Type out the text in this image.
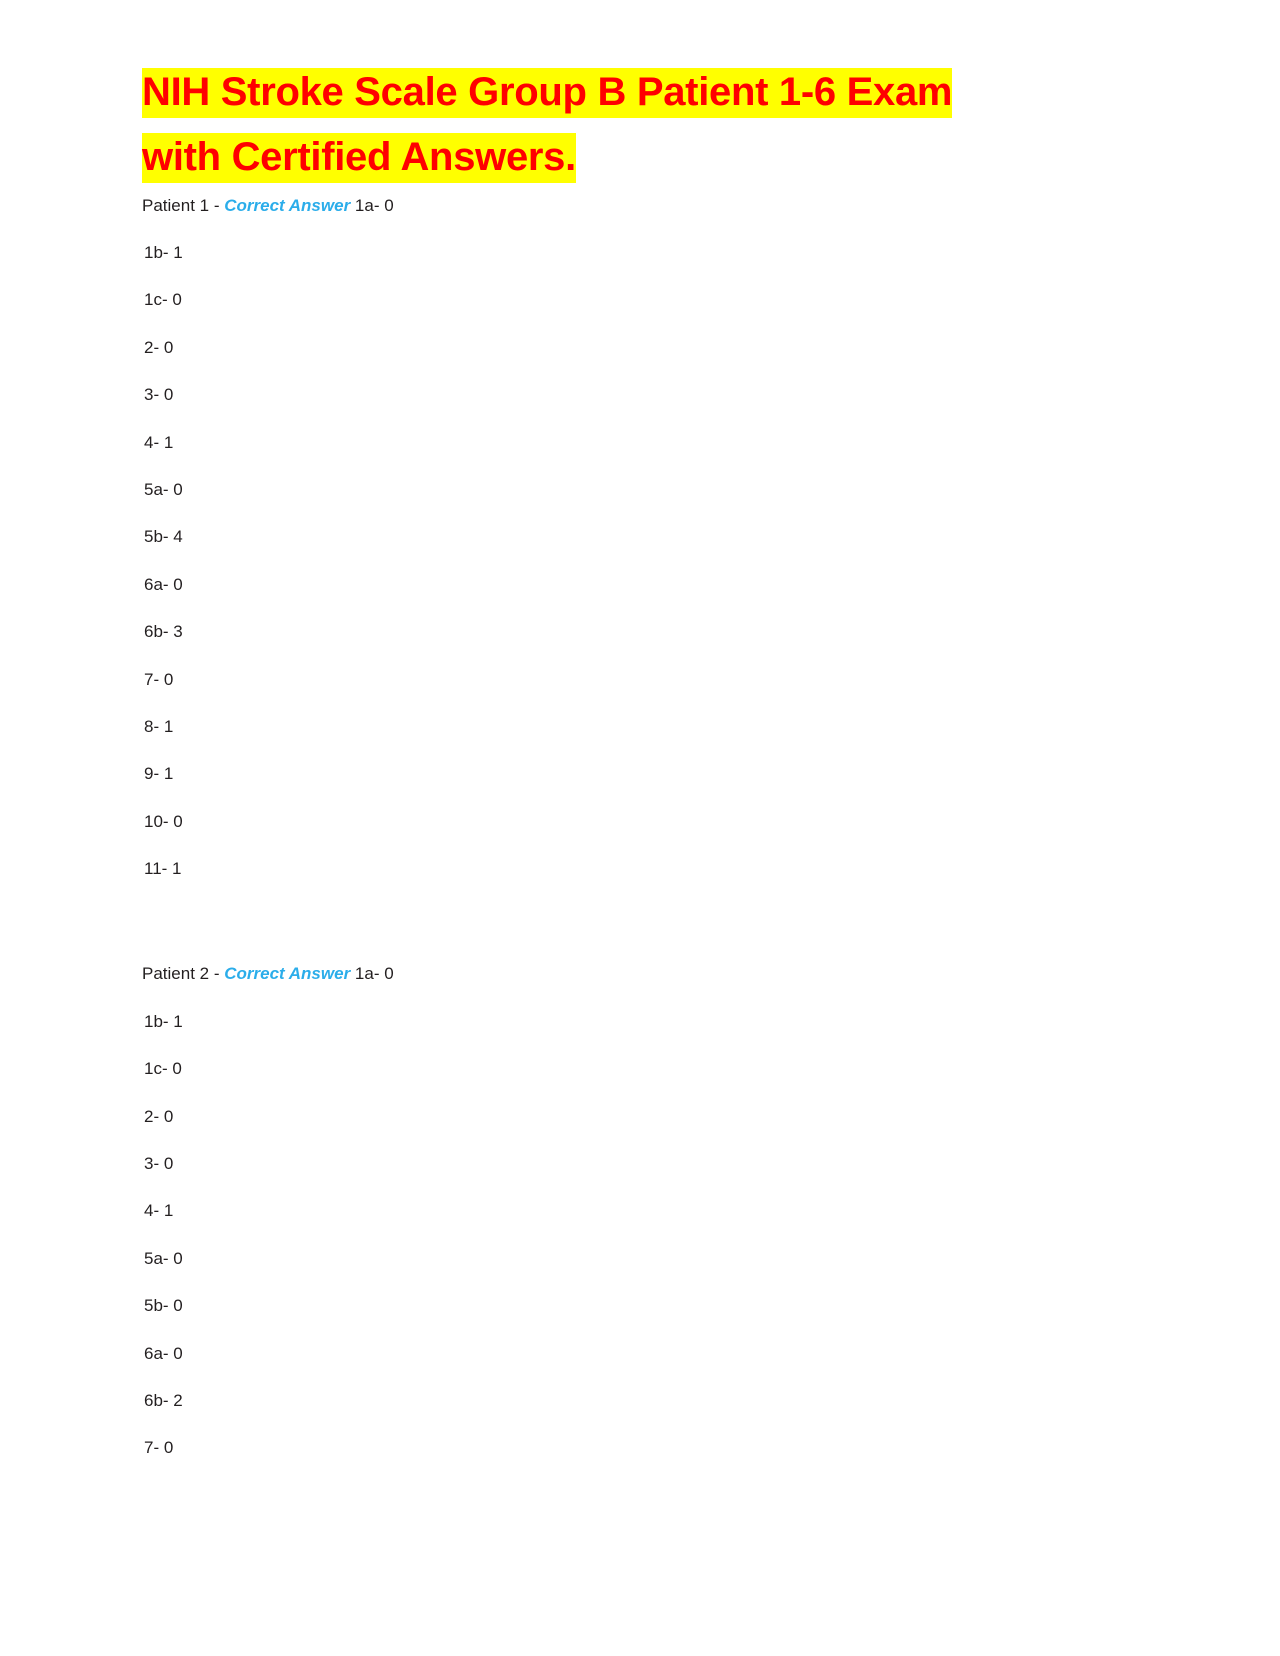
NIH Stroke Scale Group B Patient 1-6 Exam with Certified Answers.

Patient 1 - Correct Answer 1a- 0

1b- 1

1c- 0

2- 0

3- 0

4- 1

5a- 0

5b- 4

6a- 0

6b- 3

7- 0

8- 1

9- 1

10- 0

11- 1

Patient 2 - Correct Answer 1a- 0

1b- 1

1c- 0

2- 0

3- 0

4- 1

5a- 0

5b- 0

6a- 0

6b- 2

7- 0
